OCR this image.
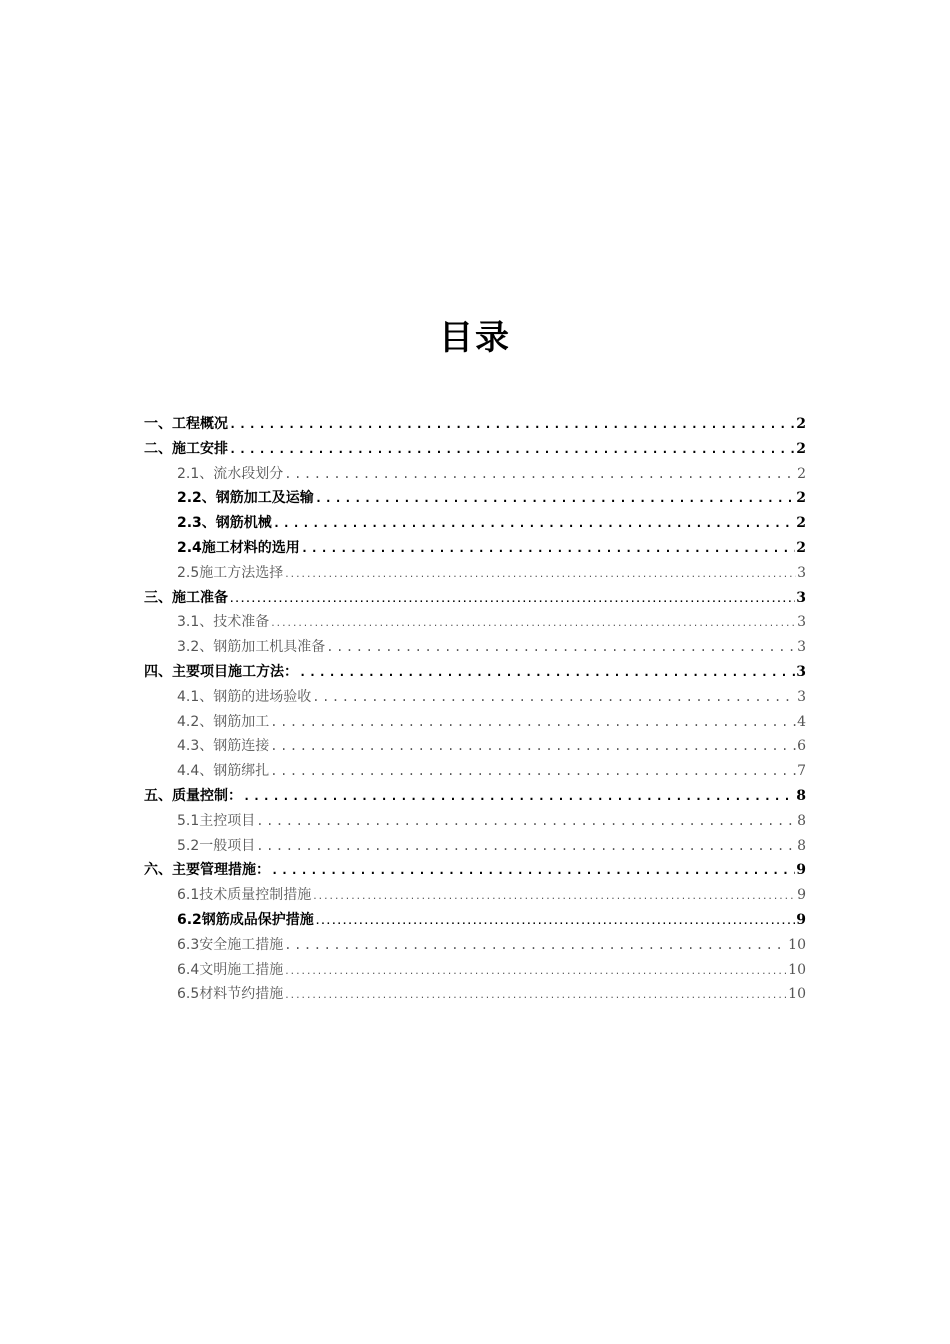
目录
一、工程概况 .....	2
二、施工安排 .....	2
2.1、流水段划分 .....	2
2.2、钢筋加工及运输 .....	2
2.3、钢筋机械 .....	2
2.4施工材料的选用 .....	2
2.5施工方法选择 .....	3
三、施工准备 .....	3
3.1、技术准备 .....	3
3.2、钢筋加工机具准备 .....	3
四、主要项目施工方法： .....	3
4.1、钢筋的进场验收 .....	3
4.2、钢筋加工 .....	4
4.3、钢筋连接 .....	6
4.4、钢筋绑扎 .....	7
五、质量控制： .....	8
5.1主控项目 .....	8
5.2一般项目 .....	8
六、主要管理措施： .....	9
6.1技术质量控制措施 .....	9
6.2钢筋成品保护措施 .....	9
6.3安全施工措施 .....	10
6.4文明施工措施 .....	10
6.5材料节约措施 .....	10
